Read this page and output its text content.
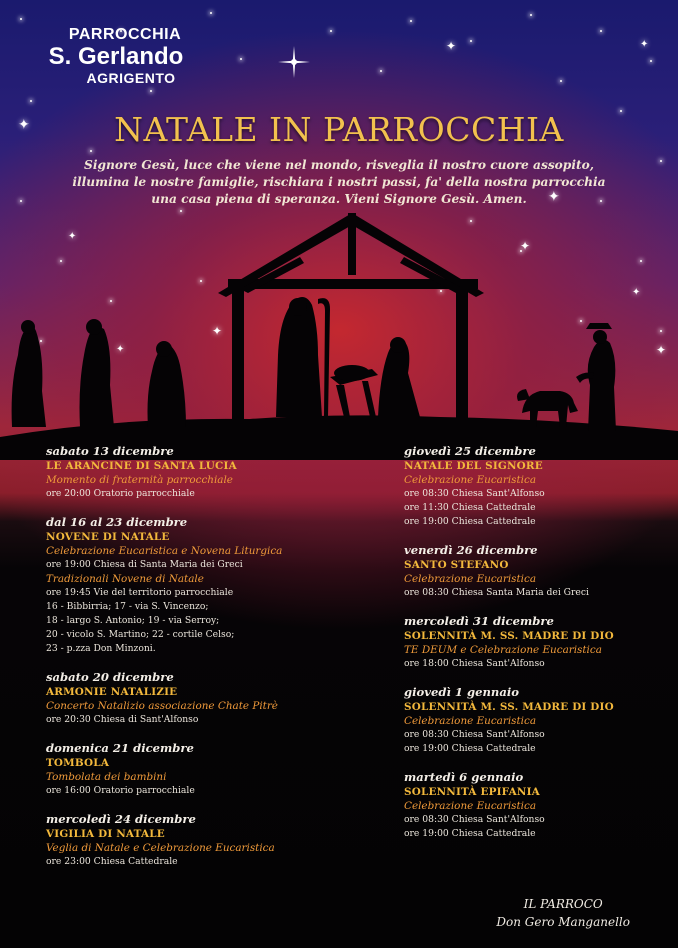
✦
✦
✦
✦
✦
✦
✦
✦
✦
✦
PARROCCHIA
S. Gerlando
AGRIGENTO
NATALE IN PARROCCHIA
Signore Gesù, luce che viene nel mondo, risveglia il nostro cuore assopito, illumina le nostre famiglie, rischiara i nostri passi, fa' della nostra parrocchia una casa piena di speranza. Vieni Signore Gesù. Amen.
sabato 13 dicembre
LE ARANCINE DI SANTA LUCIA
Momento di fraternità parrocchiale
ore 20:00 Oratorio parrocchiale
dal 16 al 23 dicembre
NOVENE DI NATALE
Celebrazione Eucaristica e Novena Liturgica
ore 19:00 Chiesa di Santa Maria dei Greci
Tradizionali Novene di Natale
ore 19:45 Vie del territorio parrocchiale
16 - Bibbirria; 17 - via S. Vincenzo;
18 - largo S. Antonio; 19 - via Serroy;
20 - vicolo S. Martino; 22 - cortile Celso;
23 - p.zza Don Minzoni.
sabato 20 dicembre
ARMONIE NATALIZIE
Concerto Natalizio associazione Chate Pitrè
ore 20:30 Chiesa di Sant'Alfonso
domenica 21 dicembre
TOMBOLA
Tombolata dei bambini
ore 16:00 Oratorio parrocchiale
mercoledì 24 dicembre
VIGILIA DI NATALE
Veglia di Natale e Celebrazione Eucaristica
ore 23:00 Chiesa Cattedrale
giovedì 25 dicembre
NATALE DEL SIGNORE
Celebrazione Eucaristica
ore 08:30 Chiesa Sant'Alfonso
ore 11:30 Chiesa Cattedrale
ore 19:00 Chiesa Cattedrale
venerdì 26 dicembre
SANTO STEFANO
Celebrazione Eucaristica
ore 08:30 Chiesa Santa Maria dei Greci
mercoledì 31 dicembre
SOLENNITÀ M. SS. MADRE DI DIO
TE DEUM e Celebrazione Eucaristica
ore 18:00 Chiesa Sant'Alfonso
giovedì 1 gennaio
SOLENNITÀ M. SS. MADRE DI DIO
Celebrazione Eucaristica
ore 08:30 Chiesa Sant'Alfonso
ore 19:00 Chiesa Cattedrale
martedì 6 gennaio
SOLENNITÀ EPIFANIA
Celebrazione Eucaristica
ore 08:30 Chiesa Sant'Alfonso
ore 19:00 Chiesa Cattedrale
IL PARROCO
Don Gero Manganello
